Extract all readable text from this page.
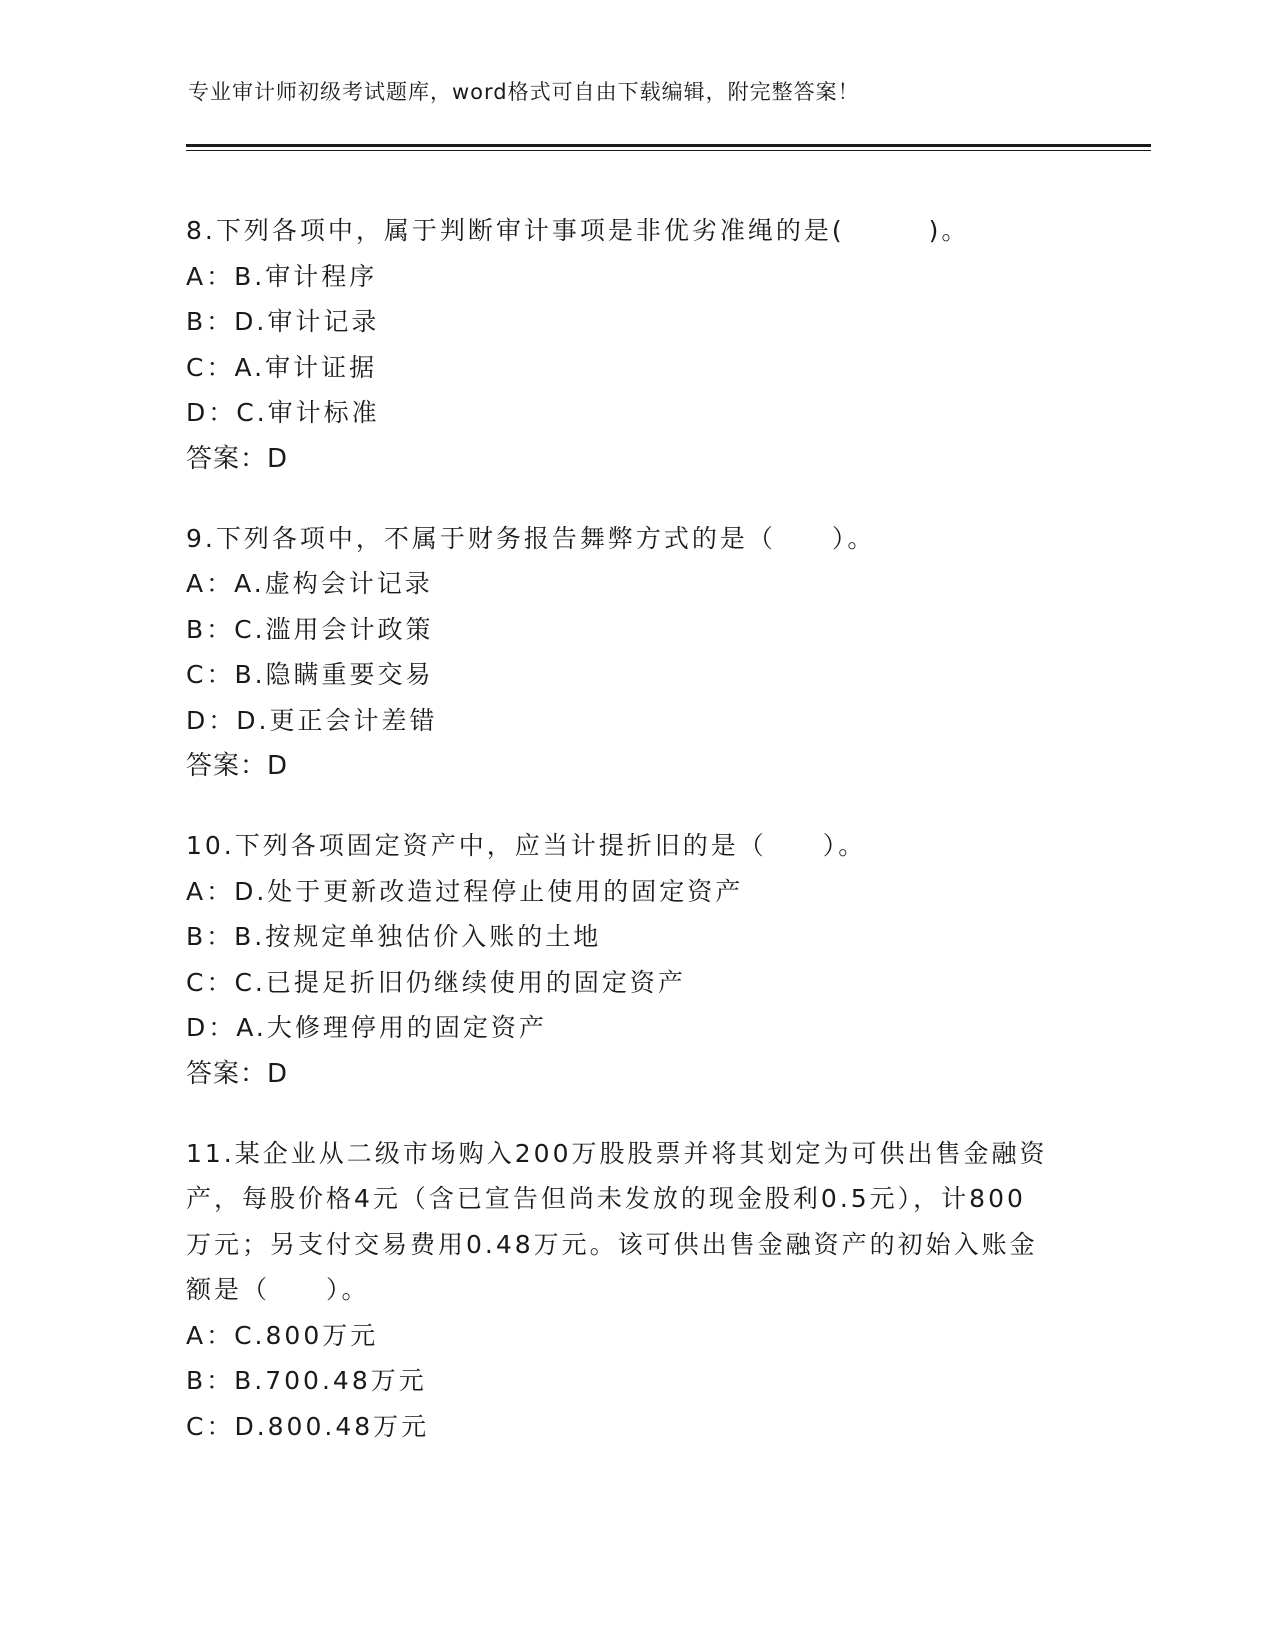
专业审计师初级考试题库，word格式可自由下载编辑，附完整答案！
8.下列各项中，属于判断审计事项是非优劣准绳的是(　　　)。
A：B.审计程序
B：D.审计记录
C：A.审计证据
D：C.审计标准
答案：D
9.下列各项中，不属于财务报告舞弊方式的是（　　）。
A：A.虚构会计记录
B：C.滥用会计政策
C：B.隐瞒重要交易
D：D.更正会计差错
答案：D
10.下列各项固定资产中，应当计提折旧的是（　　）。
A：D.处于更新改造过程停止使用的固定资产
B：B.按规定单独估价入账的土地
C：C.已提足折旧仍继续使用的固定资产
D：A.大修理停用的固定资产
答案：D
11.某企业从二级市场购入200万股股票并将其划定为可供出售金融资
产，每股价格4元（含已宣告但尚未发放的现金股利0.5元），计800
万元；另支付交易费用0.48万元。该可供出售金融资产的初始入账金
额是（　　）。
A：C.800万元
B：B.700.48万元
C：D.800.48万元
